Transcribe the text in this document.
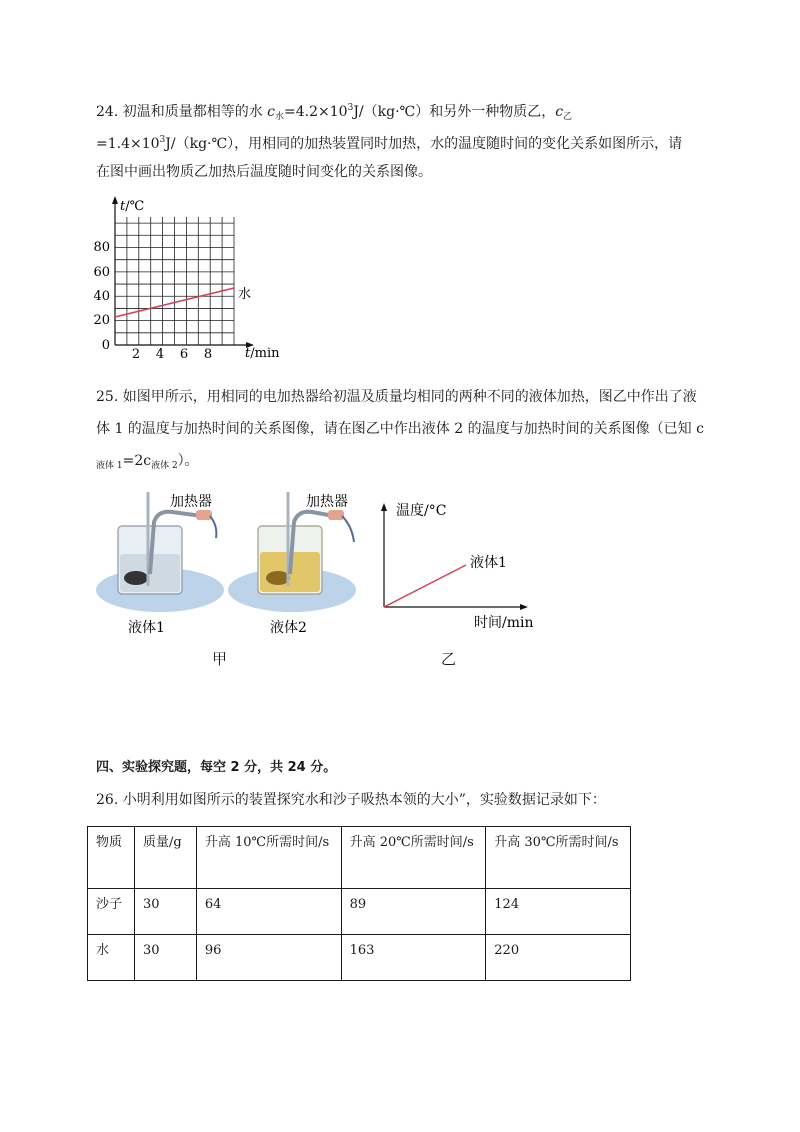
24. 初温和质量都相等的水 $c_水=4.2\times 10^3J/(kg\cdot℃)$和另外一种物质乙，$c_乙$
$=1.4\times 10^3J/(kg\cdot℃)$，用相同的加热装置同时加热，水的温度随时间的变化关系如图所示，请
在图中画出物质乙加热后温度随时间变化的关系图像。
t/℃
80
60
40
20
0
2 4 6 8	t/min
水
25. 如图甲所示，用相同的电加热器给初温及质量均相同的两种不同的液体加热，图乙中作出了液
体 1 的温度与加热时间的关系图像，请在图乙中作出液体 2 的温度与加热时间的关系图像（已知 c
$_{液体 1}=2c_{液体 2}$）。
加热器
液体1
加热器
液体2
温度/°C
液体1
时间/min
甲	乙
四、实验探究题，每空 2 分，共 24 分。
26. 小明利用如图所示的装置探究水和沙子吸热本领的大小”，实验数据记录如下：
物质	质量/g	升高 10℃所需时间/s	升高 20℃所需时间/s	升高 30℃所需时间/s
沙子	30	64	89	124
水	30	96	163	220
